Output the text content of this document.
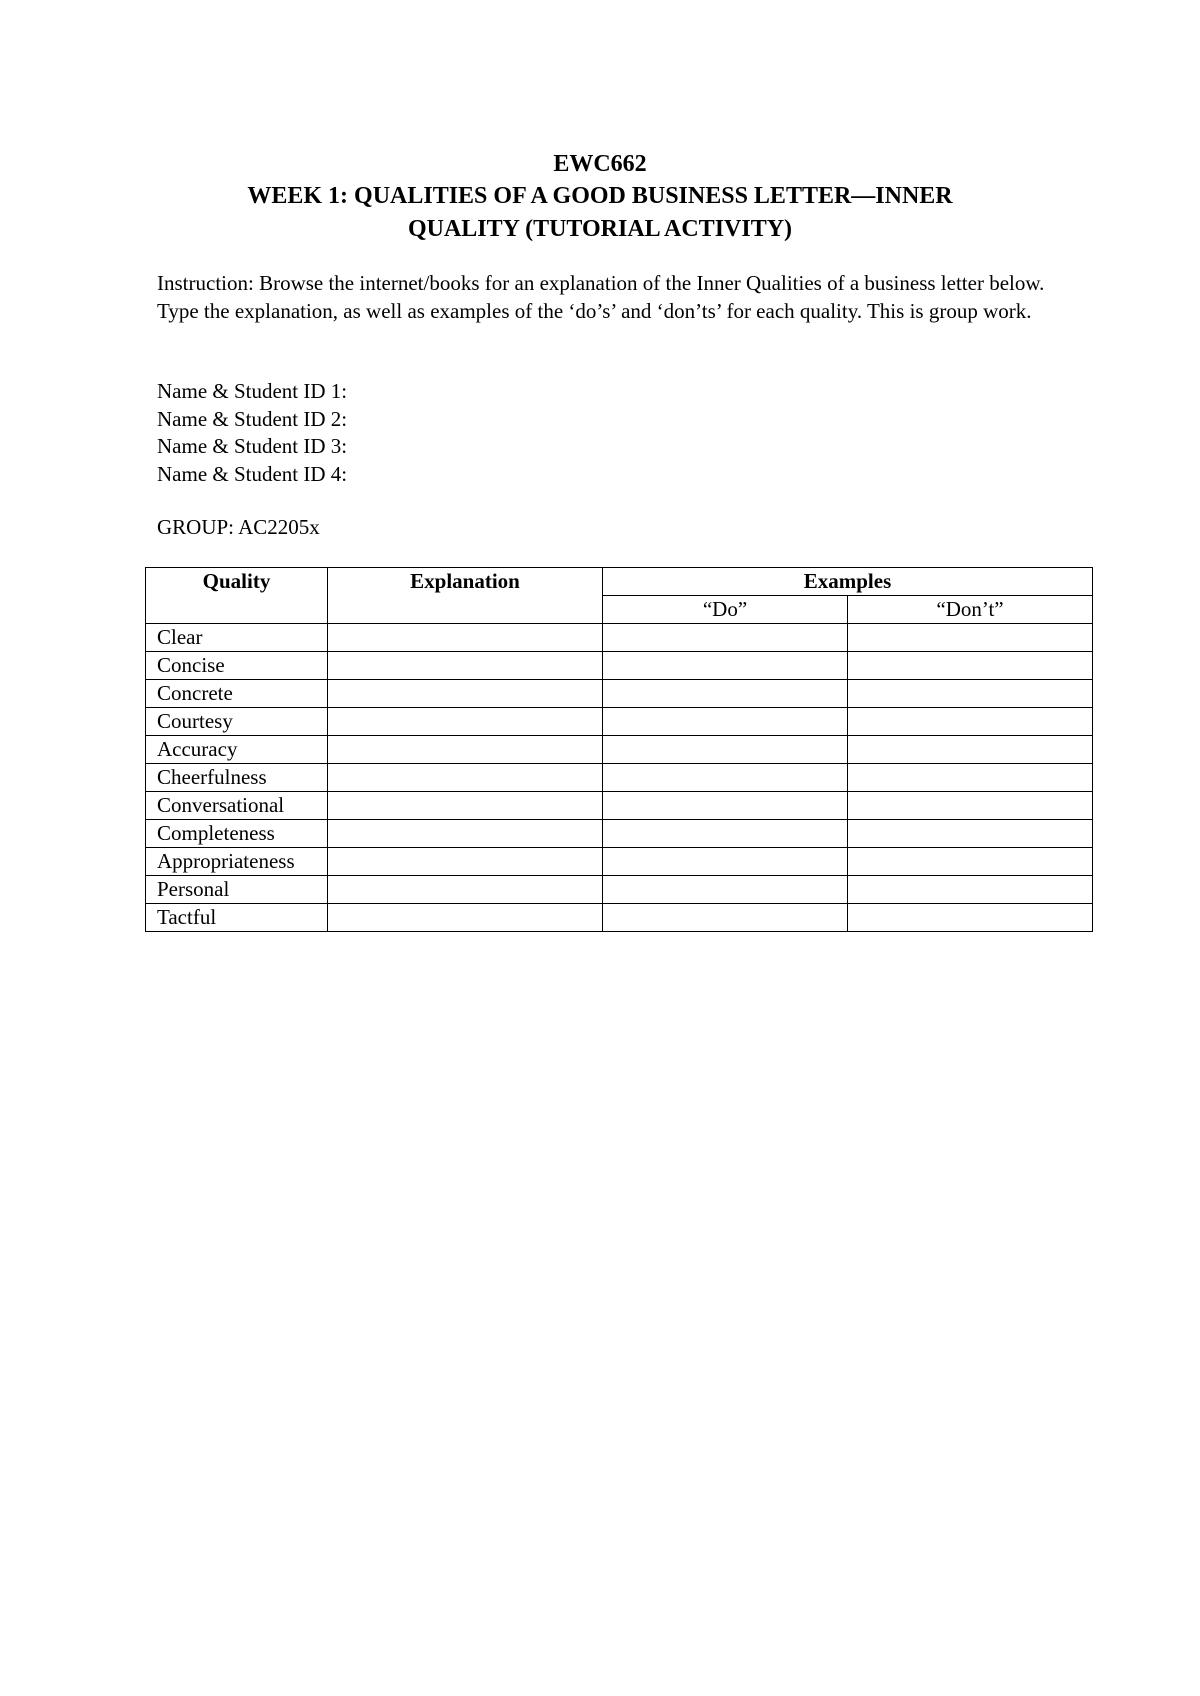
EWC662
WEEK 1: QUALITIES OF A GOOD BUSINESS LETTER—INNER
QUALITY (TUTORIAL ACTIVITY)
Instruction: Browse the internet/books for an explanation of the Inner Qualities of a business letter below. Type the explanation, as well as examples of the ‘do’s’ and ‘don’ts’ for each quality. This is group work.
Name & Student ID 1:
Name & Student ID 2:
Name & Student ID 3:
Name & Student ID 4:
GROUP: AC2205x
Quality	Explanation	Examples	
		“Do”	“Don’t”
Clear			
Concise			
Concrete			
Courtesy			
Accuracy			
Cheerfulness			
Conversational			
Completeness			
Appropriateness			
Personal			
Tactful			
